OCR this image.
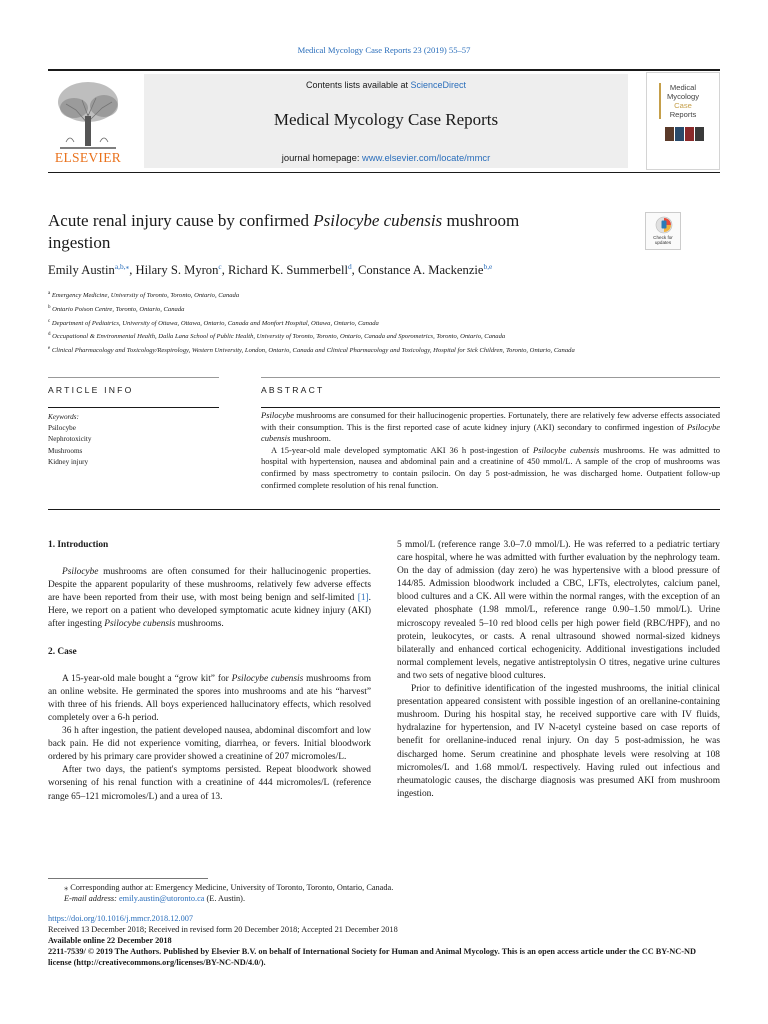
Medical Mycology Case Reports 23 (2019) 55–57
ELSEVIER
Contents lists available at ScienceDirect
Medical Mycology Case Reports
journal homepage: www.elsevier.com/locate/mmcr
Medical
Mycology
Case
Reports
Acute renal injury cause by confirmed Psilocybe cubensis mushroom
ingestion	Check for
updates
Emily Austin$^{a,b,⁎}$, Hilary S. Myron$^c$, Richard K. Summerbell$^d$, Constance A. Mackenzie$^{b,e}$
$^a$ Emergency Medicine, University of Toronto, Toronto, Ontario, Canada
$^b$ Ontario Poison Centre, Toronto, Ontario, Canada
$^c$ Department of Pediatrics, University of Ottawa, Ottawa, Ontario, Canada and Monfort Hospital, Ottawa, Ontario, Canada
$^d$ Occupational & Environmental Health, Dalla Lana School of Public Health, University of Toronto, Toronto, Ontario, Canada and Sporometrics, Toronto, Ontario, Canada
$^e$ Clinical Pharmacology and Toxicology/Respirology, Western University, London, Ontario, Canada and Clinical Pharmacology and Toxicology, Hospital for Sick Children, Toronto, Ontario, Canada
ARTICLE INFO	ABSTRACT
Keywords:
Psilocybe
Nephrotoxicity
Mushrooms
Kidney injury
Psilocybe mushrooms are consumed for their hallucinogenic properties. Fortunately, there are relatively few adverse effects associated with their consumption. This is the first reported case of acute kidney injury (AKI) secondary to confirmed ingestion of Psilocybe cubensis mushroom.
A 15-year-old male developed symptomatic AKI 36 h post-ingestion of Psilocybe cubensis mushrooms. He was admitted to hospital with hypertension, nausea and abdominal pain and a creatinine of 450 mmol/L. A sample of the crop of mushrooms was confirmed by mass spectrometry to contain psilocin. On day 5 post-admission, he was discharged home. Outpatient follow-up confirmed complete resolution of his renal function.
1. Introduction

Psilocybe mushrooms are often consumed for their hallucinogenic properties. Despite the apparent popularity of these mushrooms, relatively few adverse effects are have been reported from their use, with most being benign and self-limited [1]. Here, we report on a patient who developed symptomatic acute kidney injury (AKI) after ingesting Psilocybe cubensis mushrooms.

2. Case

A 15-year-old male bought a “grow kit” for Psilocybe cubensis mushrooms from an online website. He germinated the spores into mushrooms and ate his “harvest” with three of his friends. All boys experienced hallucinatory effects, which resolved completely over a 6-h period.

36 h after ingestion, the patient developed nausea, abdominal discomfort and low back pain. He did not experience vomiting, diarrhea, or fevers. Initial bloodwork ordered by his primary care provider showed a creatinine of 207 micromoles/L.

After two days, the patient's symptoms persisted. Repeat bloodwork showed worsening of his renal function with a creatinine of 444 micromoles/L (reference range 65–121 micromoles/L) and a urea of 13.

5 mmol/L (reference range 3.0–7.0 mmol/L). He was referred to a pediatric tertiary care hospital, where he was admitted with further evaluation by the nephrology team. On the day of admission (day zero) he was hypertensive with a blood pressure of 144/85. Admission bloodwork included a CBC, LFTs, electrolytes, calcium panel, blood cultures and a CK. All were within the normal ranges, with the exception of an elevated phosphate (1.98 mmol/L, reference range 0.90–1.50 mmol/L). Urine microscopy revealed 5–10 red blood cells per high power field (RBC/HPF), and no protein, leukocytes, or casts. A renal ultrasound showed normal-sized kidneys bilaterally and enhanced cortical echogenicity. Additional investigations included normal complement levels, negative antistreptolysin O titres, negative urine cultures and two sets of negative blood cultures.

Prior to definitive identification of the ingested mushrooms, the initial clinical presentation appeared consistent with possible ingestion of an orellanine-containing mushroom. During his hospital stay, he received supportive care with IV fluids, hydralazine for hypertension, and IV N-acetyl cysteine based on case reports of benefit for orellanine-induced renal injury. On day 5 post-admission, he was discharged home. Serum creatinine and phosphate levels were resolving at 108 micromoles/L and 1.68 mmol/L respectively. Having ruled out infectious and rheumatologic causes, the discharge diagnosis was presumed AKI from mushroom ingestion.

⁎ Corresponding author at: Emergency Medicine, University of Toronto, Toronto, Ontario, Canada.
E-mail address: emily.austin@utoronto.ca (E. Austin).
https://doi.org/10.1016/j.mmcr.2018.12.007
Received 13 December 2018; Received in revised form 20 December 2018; Accepted 21 December 2018
Available online 22 December 2018
2211-7539/ © 2019 The Authors. Published by Elsevier B.V. on behalf of International Society for Human and Animal Mycology. This is an open access article under the CC BY-NC-ND license (http://creativecommons.org/licenses/BY-NC-ND/4.0/).
